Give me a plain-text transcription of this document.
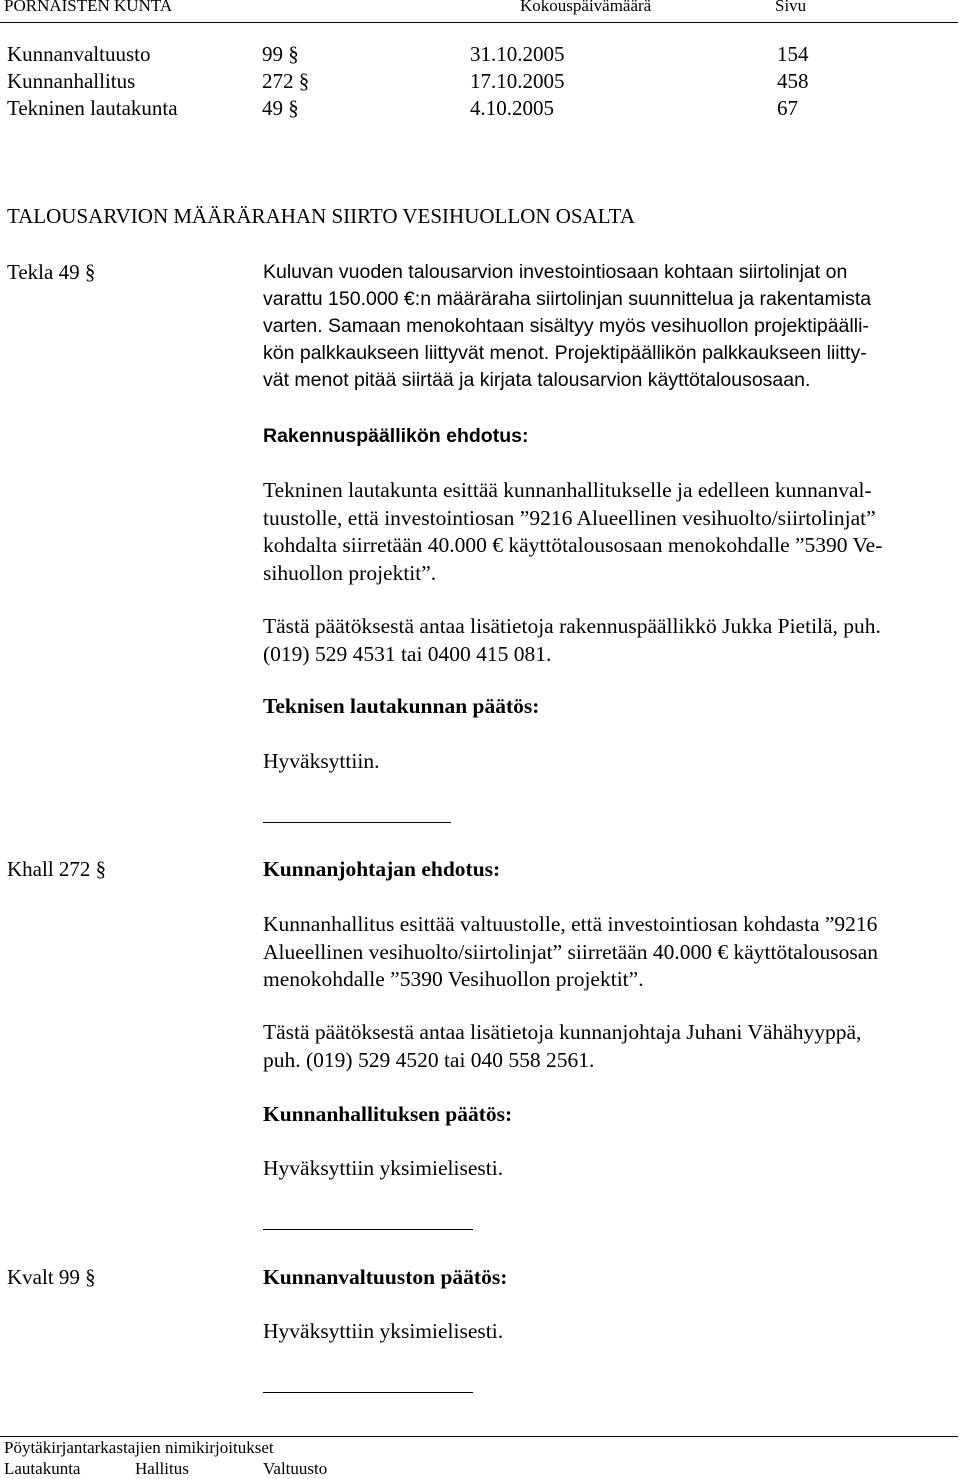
PORNAISTEN KUNTA	Kokouspäivämäärä	Sivu
Kunnanvaltuusto	99 §	31.10.2005	154
Kunnanhallitus	272 §	17.10.2005	458
Tekninen lautakunta	49 §	4.10.2005	67
TALOUSARVION MÄÄRÄRAHAN SIIRTO VESIHUOLLON OSALTA
Tekla 49 §	Kuluvan vuoden talousarvion investointiosaan kohtaan siirtolinjat on
varattu 150.000 €:n määräraha siirtolinjan suunnittelua ja rakentamista
varten. Samaan menokohtaan sisältyy myös vesihuollon projektipäälli-
kön palkkaukseen liittyvät menot. Projektipäällikön palkkaukseen liitty-
vät menot pitää siirtää ja kirjata talousarvion käyttötalousosaan.
Rakennuspäällikön ehdotus:
Tekninen lautakunta esittää kunnanhallitukselle ja edelleen kunnanval-
tuustolle, että investointiosan ”9216 Alueellinen vesihuolto/siirtolinjat”
kohdalta siirretään 40.000 € käyttötalousosaan menokohdalle ”5390 Ve-
sihuollon projektit”.
Tästä päätöksestä antaa lisätietoja rakennuspäällikkö Jukka Pietilä, puh.
(019) 529 4531 tai 0400 415 081.
Teknisen lautakunnan päätös:
Hyväksyttiin.
Khall 272 §	Kunnanjohtajan ehdotus:
Kunnanhallitus esittää valtuustolle, että investointiosan kohdasta ”9216
Alueellinen vesihuolto/siirtolinjat” siirretään 40.000 € käyttötalousosan
menokohdalle ”5390 Vesihuollon projektit”.
Tästä päätöksestä antaa lisätietoja kunnanjohtaja Juhani Vähähyyppä,
puh. (019) 529 4520 tai 040 558 2561.
Kunnanhallituksen päätös:
Hyväksyttiin yksimielisesti.
Kvalt 99 §	Kunnanvaltuuston päätös:
Hyväksyttiin yksimielisesti.
Pöytäkirjantarkastajien nimikirjoitukset
Lautakunta	Hallitus	Valtuusto
